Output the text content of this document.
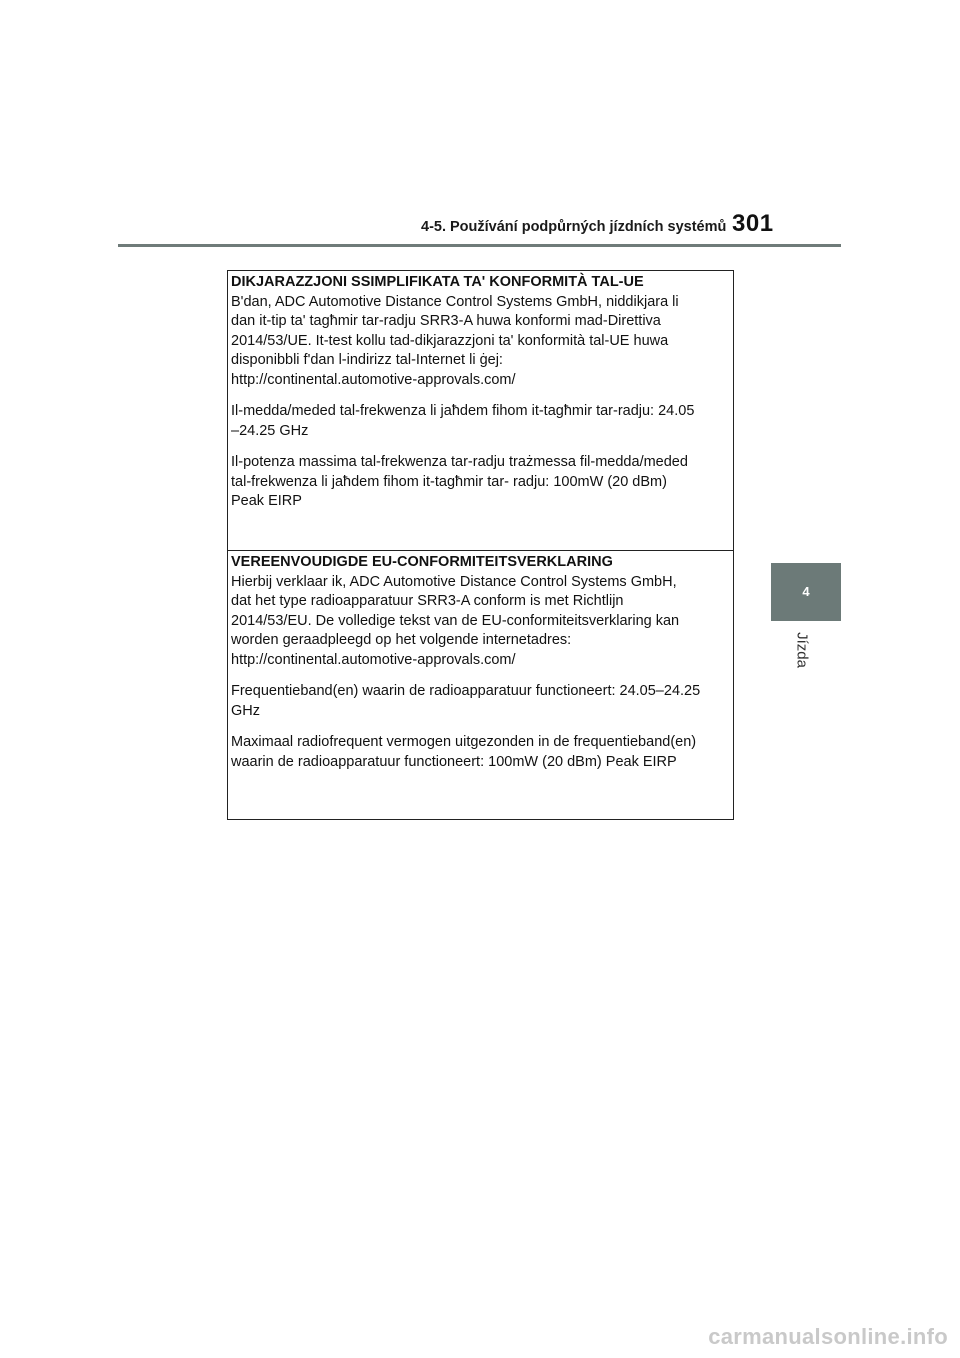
4-5. Používání podpůrných jízdních systémů 301
4
Jízda

DIKJARAZZJONI SSIMPLIFIKATA TA' KONFORMITÀ TAL-UE

B'dan, ADC Automotive Distance Control Systems GmbH, niddikjara li
dan it-tip ta' tagħmir tar-radju SRR3-A huwa konformi mad-Direttiva
2014/53/UE. It-test kollu tad-dikjarazzjoni ta' konformità tal-UE huwa
disponibbli f'dan l-indirizz tal-Internet li ġej:
http://continental.automotive-approvals.com/

Il-medda/meded tal-frekwenza li jaħdem fihom it-tagħmir tar-radju: 24.05
–24.25 GHz

Il-potenza massima tal-frekwenza tar-radju trażmessa fil-medda/meded
tal-frekwenza li jaħdem fihom it-tagħmir tar- radju: 100mW (20 dBm)
Peak EIRP

VEREENVOUDIGDE EU-CONFORMITEITSVERKLARING

Hierbij verklaar ik, ADC Automotive Distance Control Systems GmbH,
dat het type radioapparatuur SRR3-A conform is met Richtlijn
2014/53/EU. De volledige tekst van de EU-conformiteitsverklaring kan
worden geraadpleegd op het volgende internetadres:
http://continental.automotive-approvals.com/

Frequentieband(en) waarin de radioapparatuur functioneert: 24.05–24.25
GHz

Maximaal radiofrequent vermogen uitgezonden in de frequentieband(en)
waarin de radioapparatuur functioneert: 100mW (20 dBm) Peak EIRP

carmanualsonline.info
